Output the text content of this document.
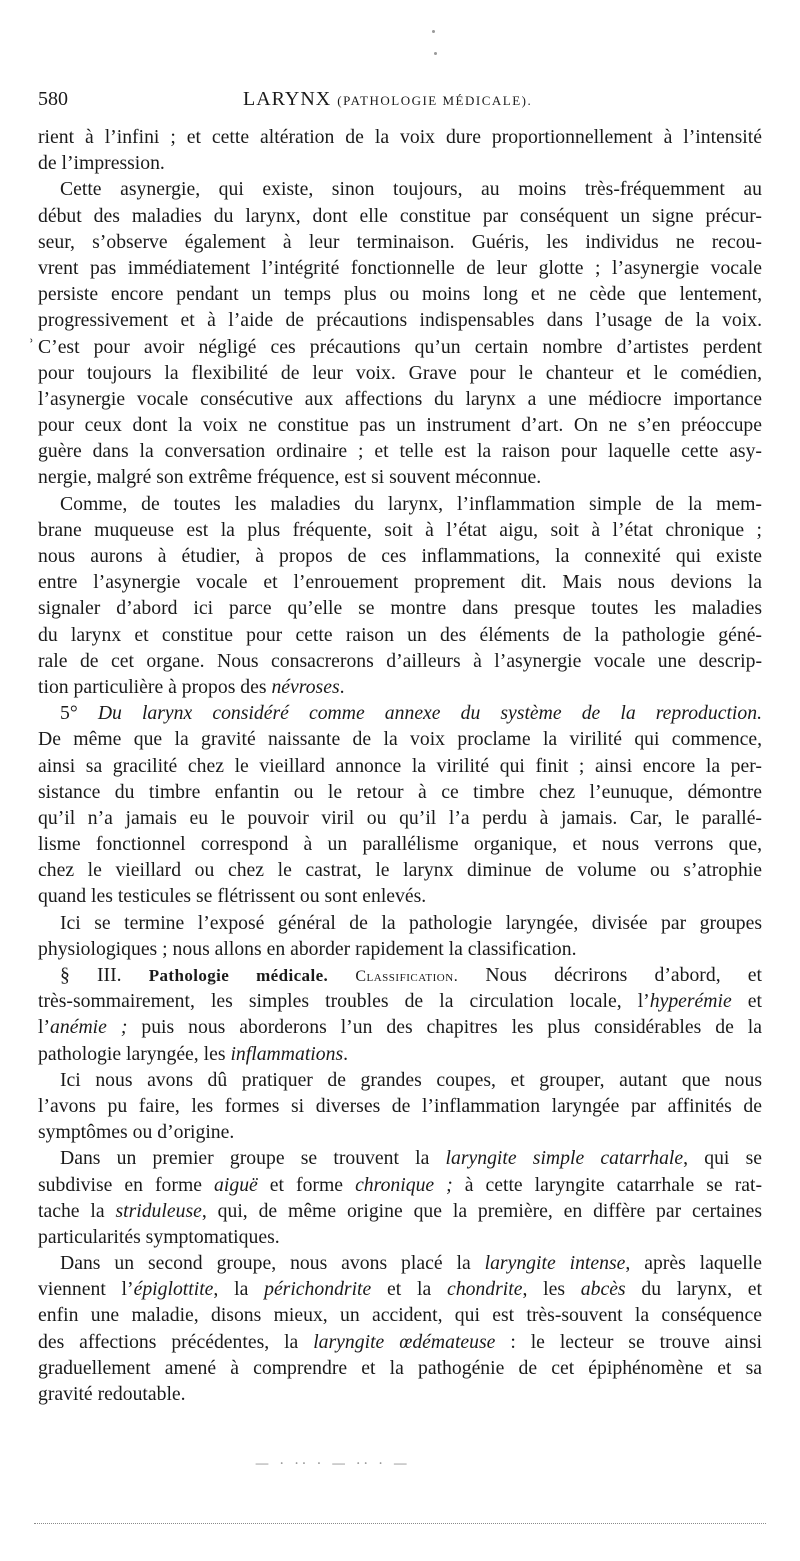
580	LARYNX (PATHOLOGIE MÉDICALE).
rient à l’infini ; et cette altération de la voix dure proportionnellement à l’intensité
de l’impression.
Cette asynergie, qui existe, sinon toujours, au moins très-fréquemment au
début des maladies du larynx, dont elle constitue par conséquent un signe précur-
seur, s’observe également à leur terminaison. Guéris, les individus ne recou-
vrent pas immédiatement l’intégrité fonctionnelle de leur glotte ; l’asynergie vocale
persiste encore pendant un temps plus ou moins long et ne cède que lentement,
progressivement et à l’aide de précautions indispensables dans l’usage de la voix.
ʾ C’est pour avoir négligé ces précautions qu’un certain nombre d’artistes perdent
pour toujours la flexibilité de leur voix. Grave pour le chanteur et le comédien,
l’asynergie vocale consécutive aux affections du larynx a une médiocre importance
pour ceux dont la voix ne constitue pas un instrument d’art. On ne s’en préoccupe
guère dans la conversation ordinaire ; et telle est la raison pour laquelle cette asy-
nergie, malgré son extrême fréquence, est si souvent méconnue.
Comme, de toutes les maladies du larynx, l’inflammation simple de la mem-
brane muqueuse est la plus fréquente, soit à l’état aigu, soit à l’état chronique ;
nous aurons à étudier, à propos de ces inflammations, la connexité qui existe
entre l’asynergie vocale et l’enrouement proprement dit. Mais nous devions la
signaler d’abord ici parce qu’elle se montre dans presque toutes les maladies
du larynx et constitue pour cette raison un des éléments de la pathologie géné-
rale de cet organe. Nous consacrerons d’ailleurs à l’asynergie vocale une descrip-
tion particulière à propos des névroses.
5° Du larynx considéré comme annexe du système de la reproduction.
De même que la gravité naissante de la voix proclame la virilité qui commence,
ainsi sa gracilité chez le vieillard annonce la virilité qui finit ; ainsi encore la per-
sistance du timbre enfantin ou le retour à ce timbre chez l’eunuque, démontre
qu’il n’a jamais eu le pouvoir viril ou qu’il l’a perdu à jamais. Car, le parallé-
lisme fonctionnel correspond à un parallélisme organique, et nous verrons que,
chez le vieillard ou chez le castrat, le larynx diminue de volume ou s’atrophie
quand les testicules se flétrissent ou sont enlevés.
Ici se termine l’exposé général de la pathologie laryngée, divisée par groupes
physiologiques ; nous allons en aborder rapidement la classification.
§ III. Pathologie médicale. Classification. Nous décrirons d’abord, et
très-sommairement, les simples troubles de la circulation locale, l’hyperémie et
l’anémie ; puis nous aborderons l’un des chapitres les plus considérables de la
pathologie laryngée, les inflammations.
Ici nous avons dû pratiquer de grandes coupes, et grouper, autant que nous
l’avons pu faire, les formes si diverses de l’inflammation laryngée par affinités de
symptômes ou d’origine.
Dans un premier groupe se trouvent la laryngite simple catarrhale, qui se
subdivise en forme aiguë et forme chronique ; à cette laryngite catarrhale se rat-
tache la striduleuse, qui, de même origine que la première, en diffère par certaines
particularités symptomatiques.
Dans un second groupe, nous avons placé la laryngite intense, après laquelle
viennent l’épiglottite, la périchondrite et la chondrite, les abcès du larynx, et
enfin une maladie, disons mieux, un accident, qui est très-souvent la conséquence
des affections précédentes, la laryngite œdémateuse : le lecteur se trouve ainsi
graduellement amené à comprendre et la pathogénie de cet épiphénomène et sa
gravité redoutable.
— · ·· · — ·· · —
